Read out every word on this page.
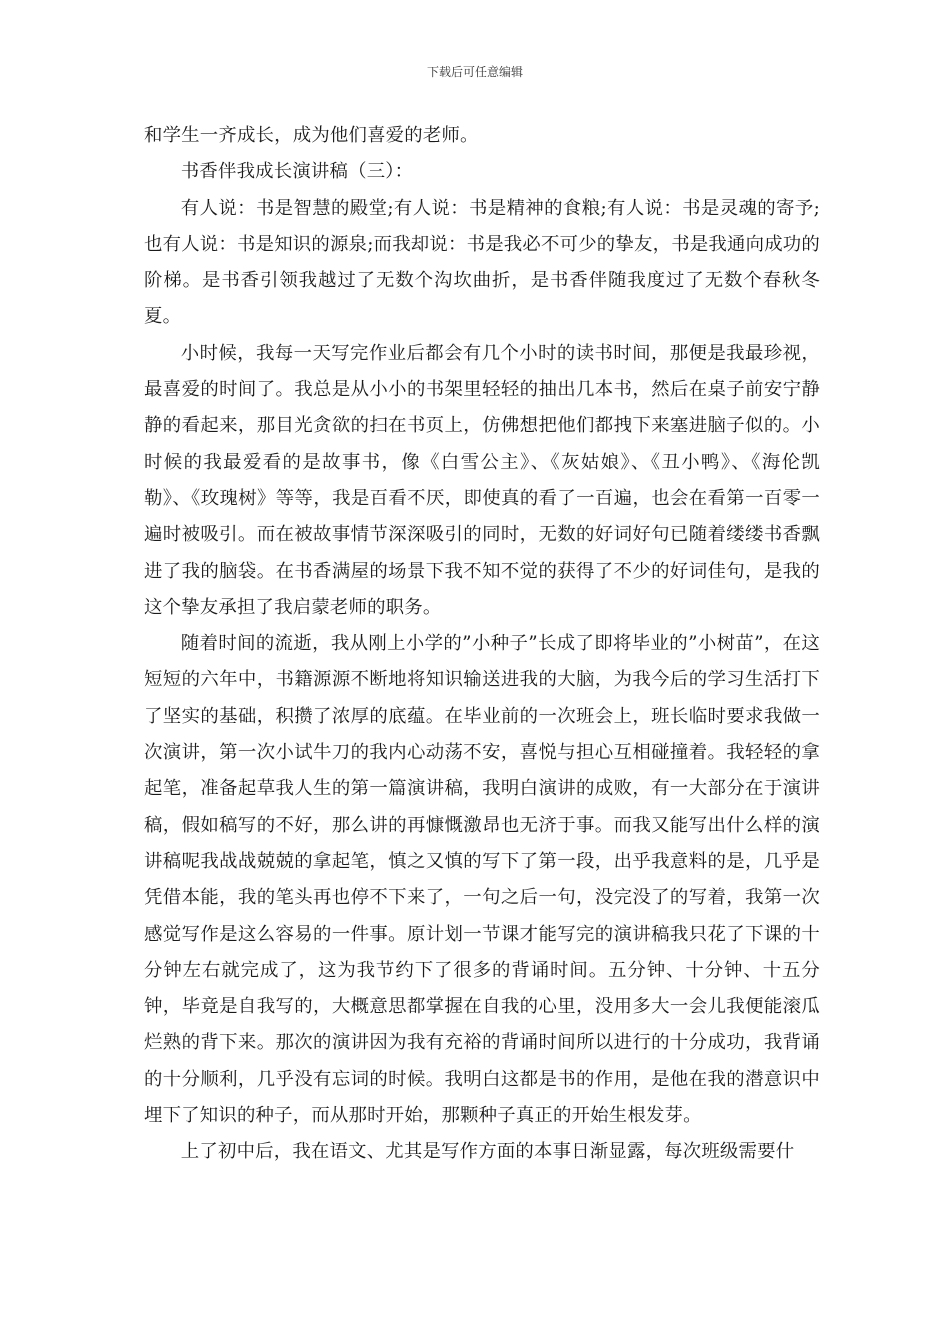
下载后可任意编辑

和学生一齐成长，成为他们喜爱的老师。

书香伴我成长演讲稿（三）：

有人说：书是智慧的殿堂;有人说：书是精神的食粮;有人说：书是灵魂的寄予;也有人说：书是知识的源泉;而我却说：书是我必不可少的挚友，书是我通向成功的阶梯。是书香引领我越过了无数个沟坎曲折，是书香伴随我度过了无数个春秋冬夏。

小时候，我每一天写完作业后都会有几个小时的读书时间，那便是我最珍视，最喜爱的时间了。我总是从小小的书架里轻轻的抽出几本书，然后在桌子前安宁静静的看起来，那目光贪欲的扫在书页上，仿佛想把他们都拽下来塞进脑子似的。小时候的我最爱看的是故事书，像《白雪公主》、《灰姑娘》、《丑小鸭》、《海伦凯勒》、《玫瑰树》等等，我是百看不厌，即使真的看了一百遍，也会在看第一百零一遍时被吸引。而在被故事情节深深吸引的同时，无数的好词好句已随着缕缕书香飘进了我的脑袋。在书香满屋的场景下我不知不觉的获得了不少的好词佳句，是我的这个挚友承担了我启蒙老师的职务。

随着时间的流逝，我从刚上小学的”小种子”长成了即将毕业的”小树苗”，在这短短的六年中，书籍源源不断地将知识输送进我的大脑，为我今后的学习生活打下了坚实的基础，积攒了浓厚的底蕴。在毕业前的一次班会上，班长临时要求我做一次演讲，第一次小试牛刀的我内心动荡不安，喜悦与担心互相碰撞着。我轻轻的拿起笔，准备起草我人生的第一篇演讲稿，我明白演讲的成败，有一大部分在于演讲稿，假如稿写的不好，那么讲的再慷慨激昂也无济于事。而我又能写出什么样的演讲稿呢我战战兢兢的拿起笔，慎之又慎的写下了第一段，出乎我意料的是，几乎是凭借本能，我的笔头再也停不下来了，一句之后一句，没完没了的写着，我第一次感觉写作是这么容易的一件事。原计划一节课才能写完的演讲稿我只花了下课的十分钟左右就完成了，这为我节约下了很多的背诵时间。五分钟、十分钟、十五分钟，毕竟是自我写的，大概意思都掌握在自我的心里，没用多大一会儿我便能滚瓜烂熟的背下来。那次的演讲因为我有充裕的背诵时间所以进行的十分成功，我背诵的十分顺利，几乎没有忘词的时候。我明白这都是书的作用，是他在我的潜意识中埋下了知识的种子，而从那时开始，那颗种子真正的开始生根发芽。

上了初中后，我在语文、尤其是写作方面的本事日渐显露，每次班级需要什
